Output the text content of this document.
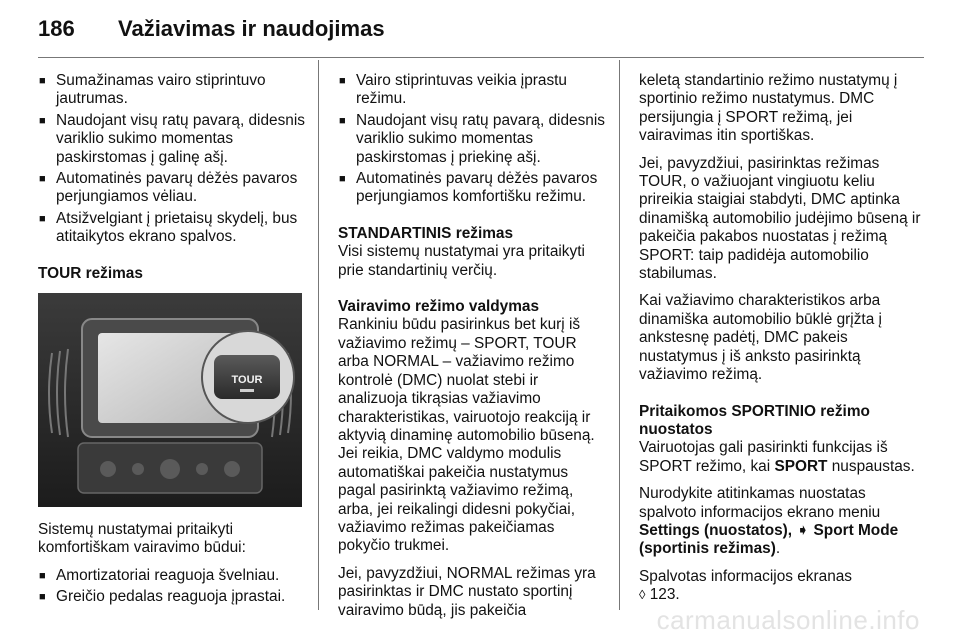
186 Važiavimas ir naudojimas
■ Sumažinamas vairo stiprintuvo jautrumas.
■ Naudojant visų ratų pavarą, didesnis variklio sukimo momentas paskirstomas į galinę ašį.
■ Automatinės pavarų dėžės pavaros perjungiamos vėliau.
■ Atsižvelgiant į prietaisų skydelį, bus atitaikytos ekrano spalvos.

TOUR režimas

TOUR

Sistemų nustatymai pritaikyti komfortiškam vairavimo būdui:

■ Amortizatoriai reaguoja švelniau.
■ Greičio pedalas reaguoja įprastai.
■ Vairo stiprintuvas veikia įprastu režimu.
■ Naudojant visų ratų pavarą, didesnis variklio sukimo momentas paskirstomas į priekinę ašį.
■ Automatinės pavarų dėžės pavaros perjungiamos komfortišku režimu.

STANDARTINIS režimas

Visi sistemų nustatymai yra pritaikyti prie standartinių verčių.

Vairavimo režimo valdymas

Rankiniu būdu pasirinkus bet kurį iš važiavimo režimų – SPORT, TOUR arba NORMAL – važiavimo režimo kontrolė (DMC) nuolat stebi ir analizuoja tikrąsias važiavimo charakteristikas, vairuotojo reakciją ir aktyvią dinaminę automobilio būseną. Jei reikia, DMC valdymo modulis automatiškai pakeičia nustatymus pagal pasirinktą važiavimo režimą, arba, jei reikalingi didesni pokyčiai, važiavimo režimas pakeičiamas pokyčio trukmei.

Jei, pavyzdžiui, NORMAL režimas yra pasirinktas ir DMC nustato sportinį vairavimo būdą, jis pakeičia

keletą standartinio režimo nustatymų į sportinio režimo nustatymus. DMC persijungia į SPORT režimą, jei vairavimas itin sportiškas.

Jei, pavyzdžiui, pasirinktas režimas TOUR, o važiuojant vingiuotu keliu prireikia staigiai stabdyti, DMC aptinka dinamišką automobilio judėjimo būseną ir pakeičia pakabos nuostatas į režimą SPORT: taip padidėja automobilio stabilumas.

Kai važiavimo charakteristikos arba dinamiška automobilio būklė grįžta į ankstesnę padėtį, DMC pakeis nustatymus į iš anksto pasirinktą važiavimo režimą.

Pritaikomos SPORTINIO režimo nuostatos

Vairuotojas gali pasirinkti funkcijas iš SPORT režimo, kai SPORT nuspaustas.

Nurodykite atitinkamas nuostatas spalvoto informacijos ekrano meniu Settings (nuostatos), ➧ Sport Mode (sportinis režimas).

Spalvotas informacijos ekranas
◊ 123.

carmanualsonline.info
